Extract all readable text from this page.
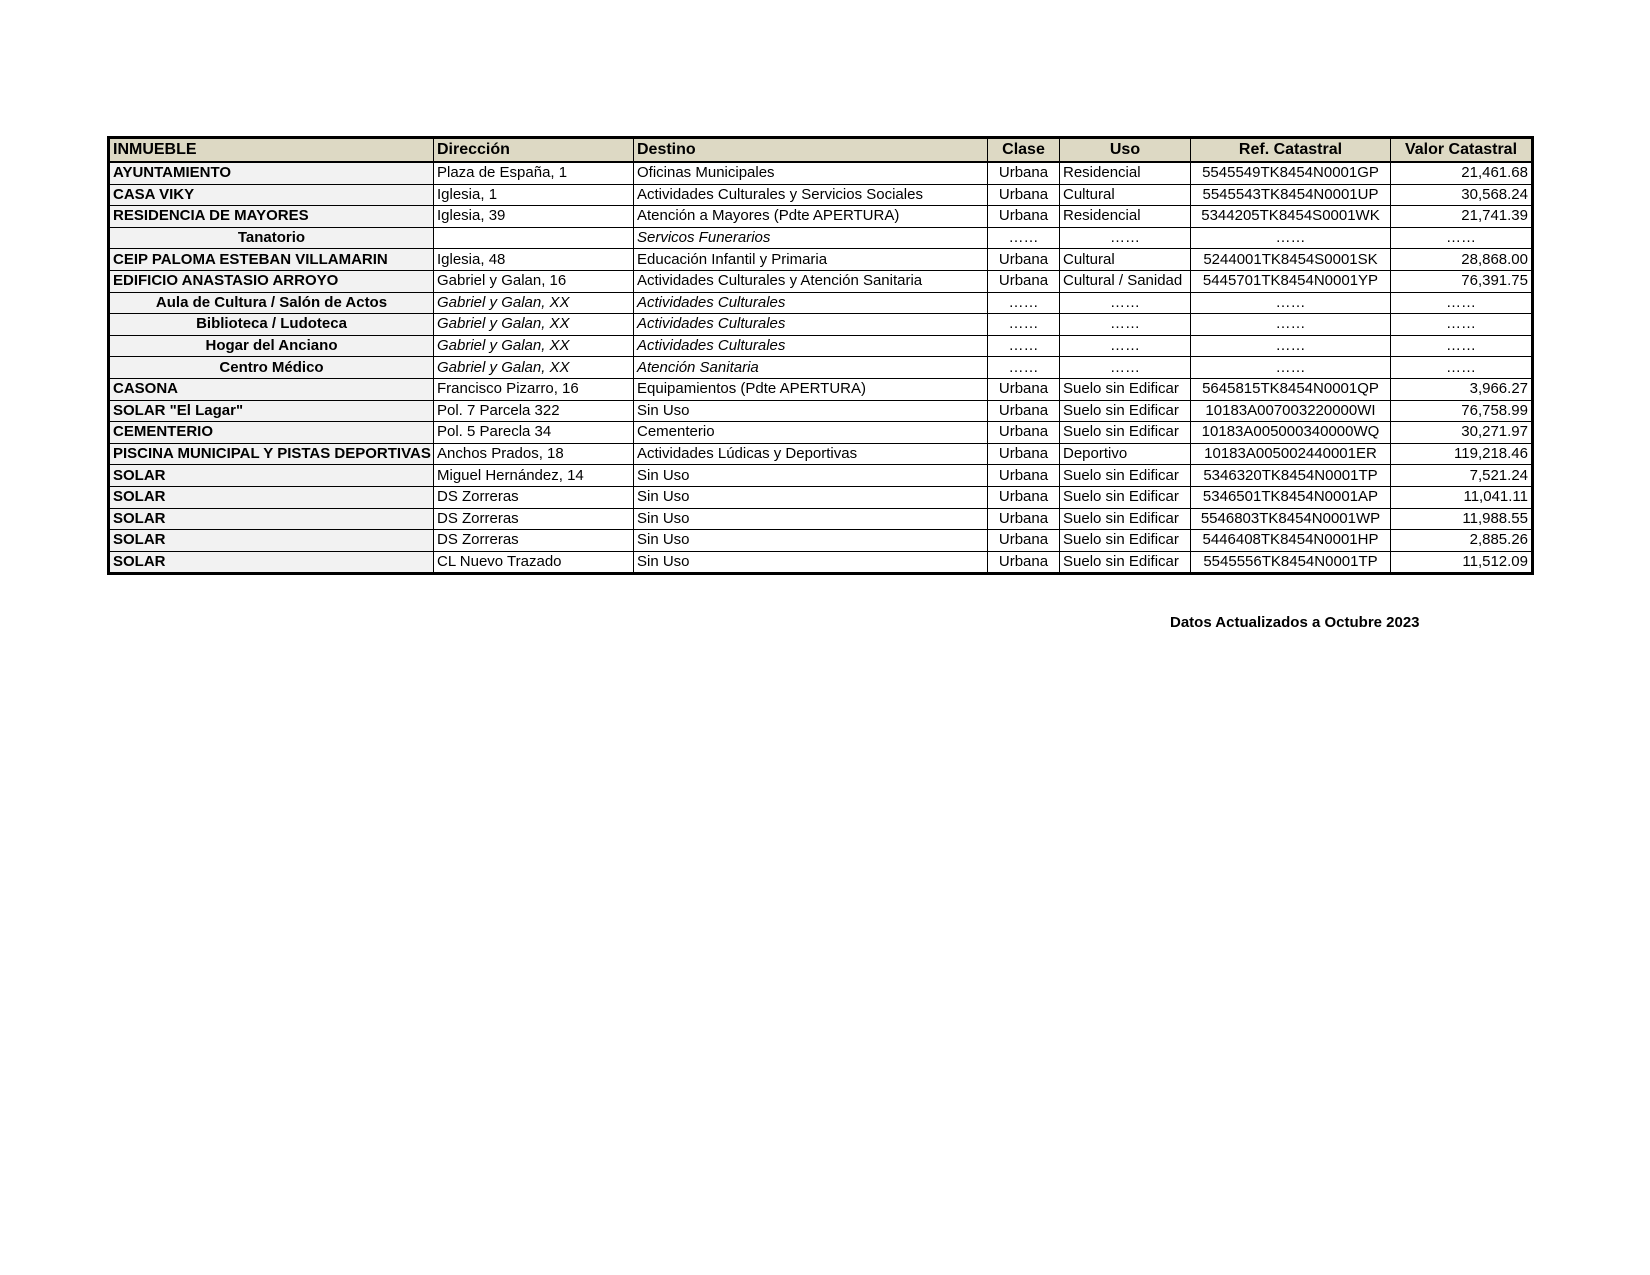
INMUEBLE	Dirección	Destino	Clase	Uso	Ref. Catastral	Valor Catastral
AYUNTAMIENTO	Plaza de España, 1	Oficinas Municipales	Urbana	Residencial	5545549TK8454N0001GP	21,461.68
CASA VIKY	Iglesia, 1	Actividades Culturales y Servicios Sociales	Urbana	Cultural	5545543TK8454N0001UP	30,568.24
RESIDENCIA DE MAYORES	Iglesia, 39	Atención a Mayores (Pdte APERTURA)	Urbana	Residencial	5344205TK8454S0001WK	21,741.39
Tanatorio		Servicos Funerarios	……	……	……	……
CEIP PALOMA ESTEBAN VILLAMARIN	Iglesia, 48	Educación Infantil y Primaria	Urbana	Cultural	5244001TK8454S0001SK	28,868.00
EDIFICIO ANASTASIO ARROYO	Gabriel y Galan, 16	Actividades Culturales y Atención Sanitaria	Urbana	Cultural / Sanidad	5445701TK8454N0001YP	76,391.75
Aula de Cultura / Salón de Actos	Gabriel y Galan, XX	Actividades Culturales	……	……	……	……
Biblioteca / Ludoteca	Gabriel y Galan, XX	Actividades Culturales	……	……	……	……
Hogar del Anciano	Gabriel y Galan, XX	Actividades Culturales	……	……	……	……
Centro Médico	Gabriel y Galan, XX	Atención Sanitaria	……	……	……	……
CASONA	Francisco Pizarro, 16	Equipamientos (Pdte APERTURA)	Urbana	Suelo sin Edificar	5645815TK8454N0001QP	3,966.27
SOLAR "El Lagar"	Pol. 7 Parcela 322	Sin Uso	Urbana	Suelo sin Edificar	10183A007003220000WI	76,758.99
CEMENTERIO	Pol. 5 Parecla 34	Cementerio	Urbana	Suelo sin Edificar	10183A005000340000WQ	30,271.97
PISCINA MUNICIPAL Y PISTAS DEPORTIVAS	Anchos Prados, 18	Actividades Lúdicas y Deportivas	Urbana	Deportivo	10183A005002440001ER	119,218.46
SOLAR	Miguel Hernández, 14	Sin Uso	Urbana	Suelo sin Edificar	5346320TK8454N0001TP	7,521.24
SOLAR	DS Zorreras	Sin Uso	Urbana	Suelo sin Edificar	5346501TK8454N0001AP	11,041.11
SOLAR	DS Zorreras	Sin Uso	Urbana	Suelo sin Edificar	5546803TK8454N0001WP	11,988.55
SOLAR	DS Zorreras	Sin Uso	Urbana	Suelo sin Edificar	5446408TK8454N0001HP	2,885.26
SOLAR	CL Nuevo Trazado	Sin Uso	Urbana	Suelo sin Edificar	5545556TK8454N0001TP	11,512.09
Datos Actualizados a Octubre 2023
